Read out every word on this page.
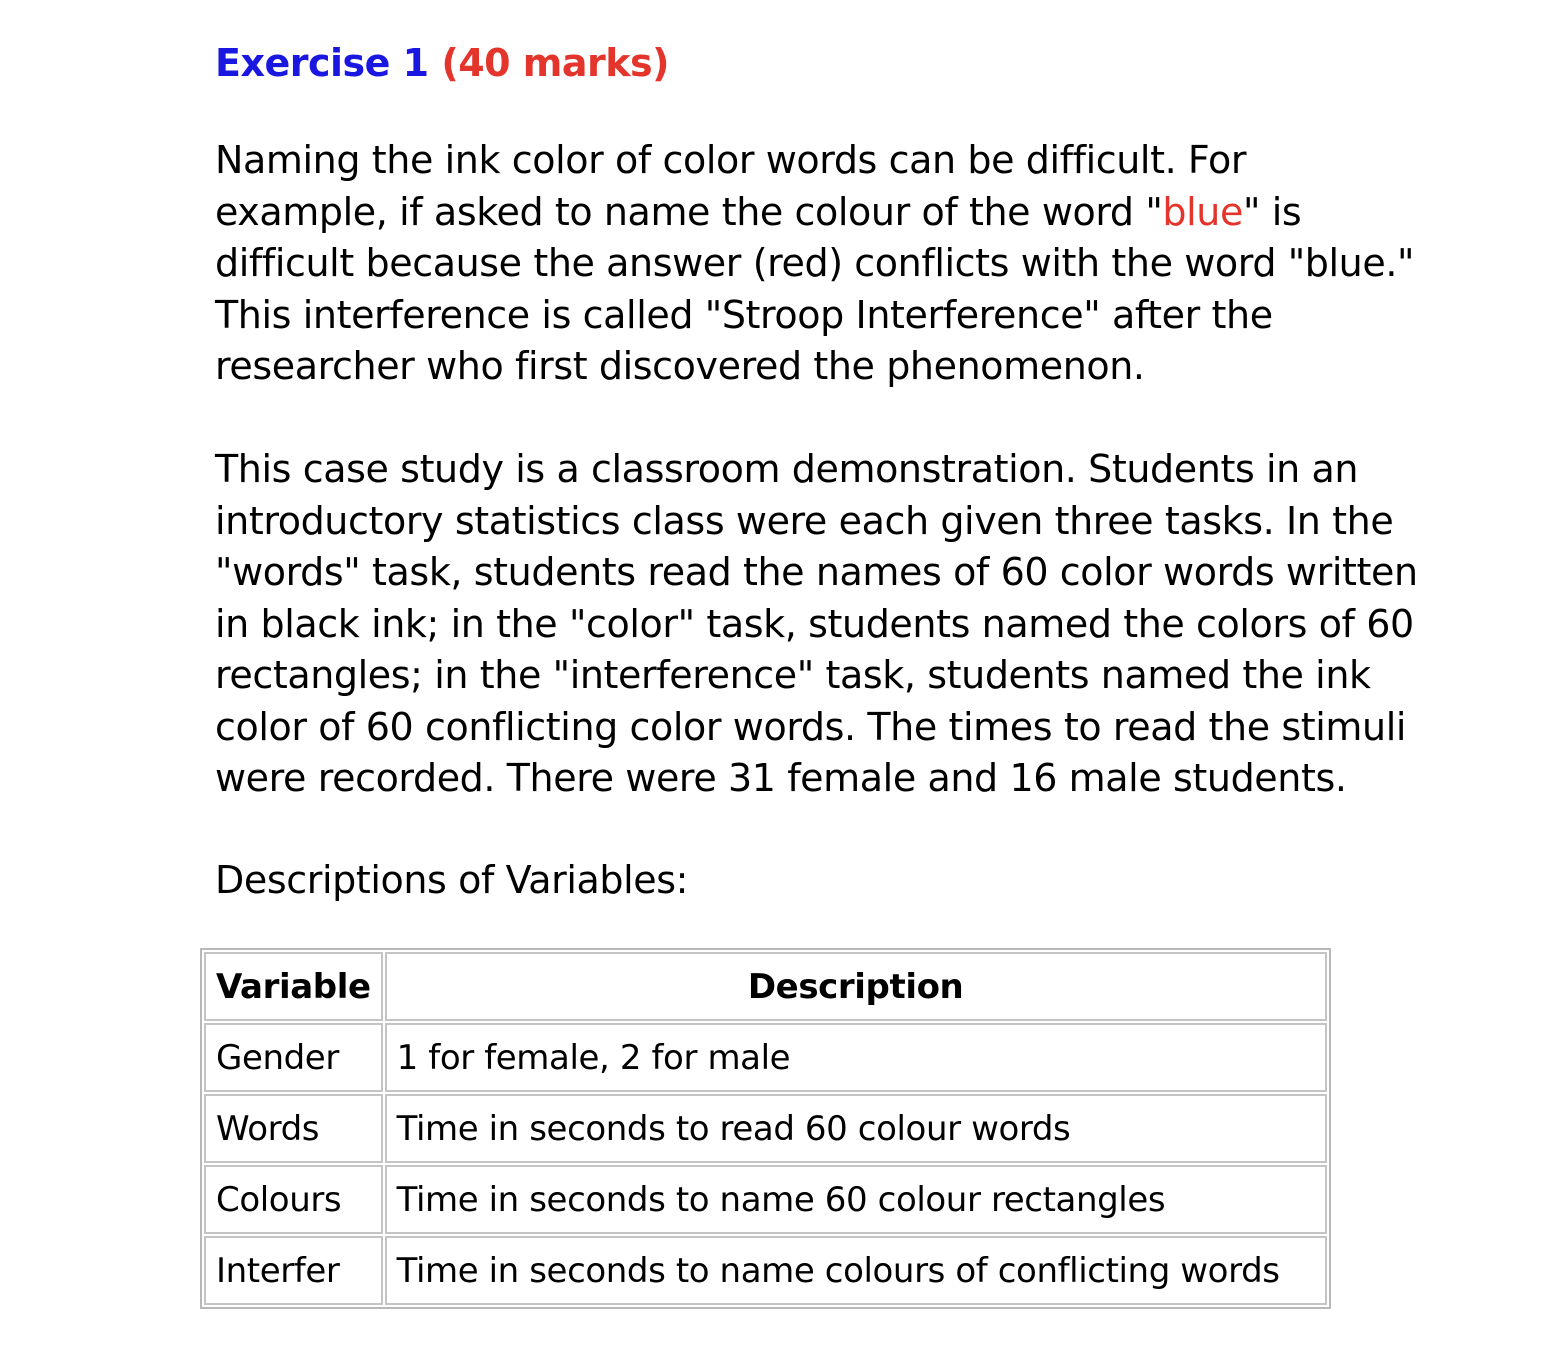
Exercise 1 (40 marks)

Naming the ink color of color words can be difficult. For
example, if asked to name the colour of the word "blue" is
difficult because the answer (red) conflicts with the word "blue."
This interference is called "Stroop Interference" after the
researcher who first discovered the phenomenon.

This case study is a classroom demonstration. Students in an
introductory statistics class were each given three tasks. In the
"words" task, students read the names of 60 color words written
in black ink; in the "color" task, students named the colors of 60
rectangles; in the "interference" task, students named the ink
color of 60 conflicting color words. The times to read the stimuli
were recorded. There were 31 female and 16 male students.

Descriptions of Variables:

Variable	Description
Gender	1 for female, 2 for male
Words	Time in seconds to read 60 colour words
Colours	Time in seconds to name 60 colour rectangles
Interfer	Time in seconds to name colours of conflicting words
